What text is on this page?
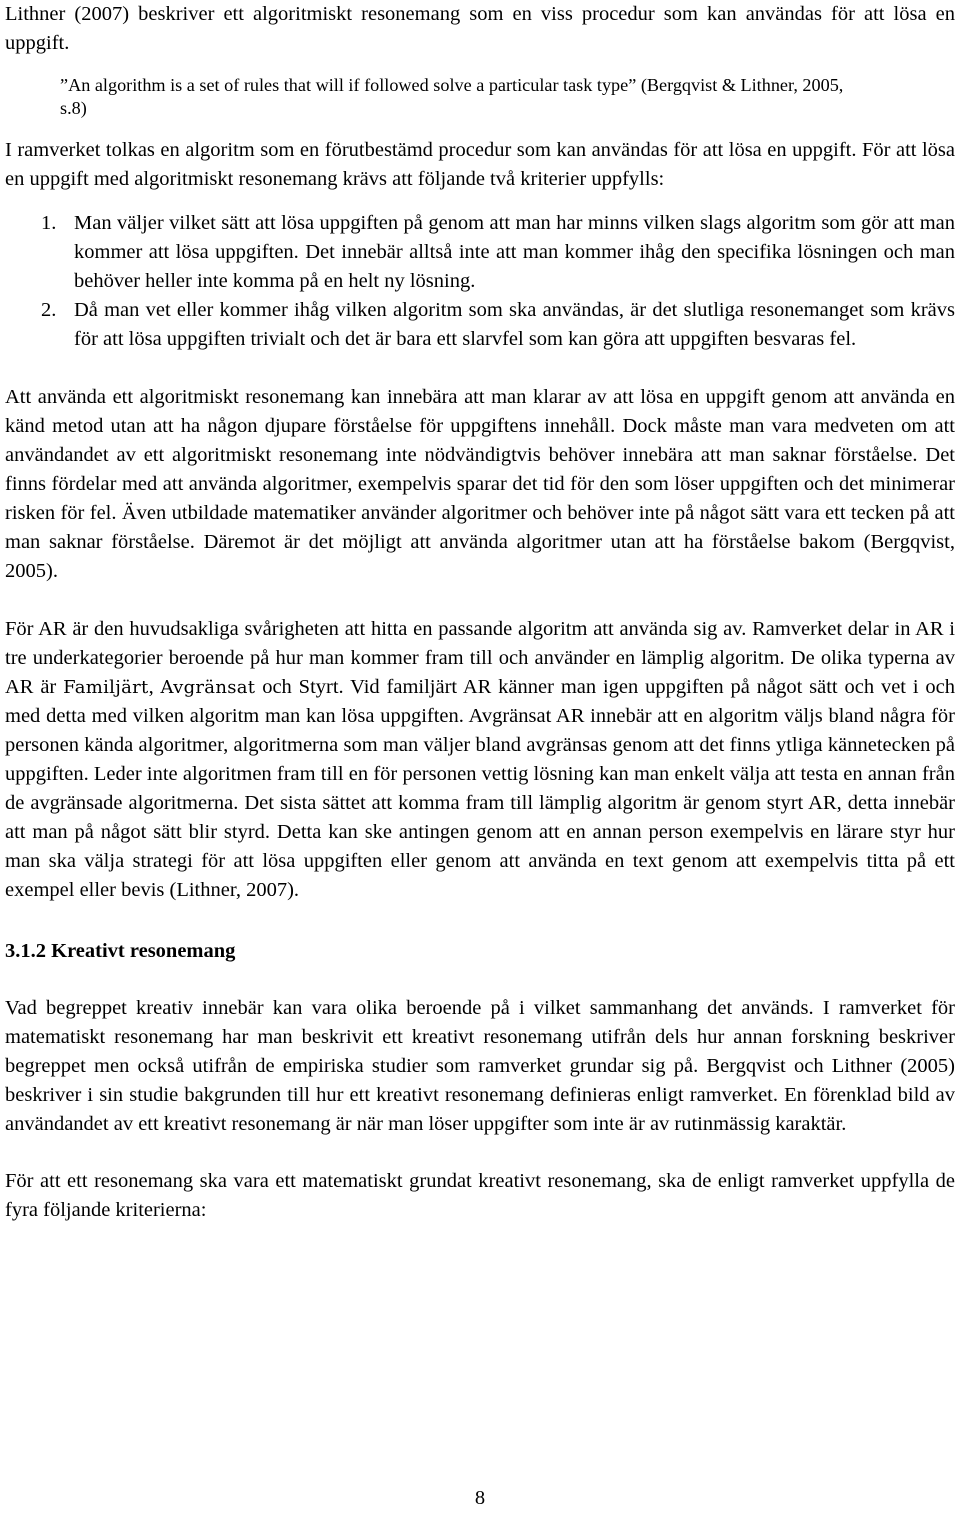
Lithner (2007) beskriver ett algoritmiskt resonemang som en viss procedur som kan användas för att lösa en uppgift.

”An algorithm is a set of rules that will if followed solve a particular task type” (Bergqvist & Lithner, 2005, s.8)

I ramverket tolkas en algoritm som en förutbestämd procedur som kan användas för att lösa en uppgift. För att lösa en uppgift med algoritmiskt resonemang krävs att följande två kriterier uppfylls:

1. Man väljer vilket sätt att lösa uppgiften på genom att man har minns vilken slags algoritm som gör att man kommer att lösa uppgiften. Det innebär alltså inte att man kommer ihåg den specifika lösningen och man behöver heller inte komma på en helt ny lösning.
2. Då man vet eller kommer ihåg vilken algoritm som ska användas, är det slutliga resonemanget som krävs för att lösa uppgiften trivialt och det är bara ett slarvfel som kan göra att uppgiften besvaras fel.

Att använda ett algoritmiskt resonemang kan innebära att man klarar av att lösa en uppgift genom att använda en känd metod utan att ha någon djupare förståelse för uppgiftens innehåll. Dock måste man vara medveten om att användandet av ett algoritmiskt resonemang inte nödvändigtvis behöver innebära att man saknar förståelse. Det finns fördelar med att använda algoritmer, exempelvis sparar det tid för den som löser uppgiften och det minimerar risken för fel. Även utbildade matematiker använder algoritmer och behöver inte på något sätt vara ett tecken på att man saknar förståelse. Däremot är det möjligt att använda algoritmer utan att ha förståelse bakom (Bergqvist, 2005).

För AR är den huvudsakliga svårigheten att hitta en passande algoritm att använda sig av. Ramverket delar in AR i tre underkategorier beroende på hur man kommer fram till och använder en lämplig algoritm. De olika typerna av AR är Familjärt, Avgränsat och Styrt. Vid familjärt AR känner man igen uppgiften på något sätt och vet i och med detta med vilken algoritm man kan lösa uppgiften. Avgränsat AR innebär att en algoritm väljs bland några för personen kända algoritmer, algoritmerna som man väljer bland avgränsas genom att det finns ytliga kännetecken på uppgiften. Leder inte algoritmen fram till en för personen vettig lösning kan man enkelt välja att testa en annan från de avgränsade algoritmerna. Det sista sättet att komma fram till lämplig algoritm är genom styrt AR, detta innebär att man på något sätt blir styrd. Detta kan ske antingen genom att en annan person exempelvis en lärare styr hur man ska välja strategi för att lösa uppgiften eller genom att använda en text genom att exempelvis titta på ett exempel eller bevis (Lithner, 2007).

3.1.2 Kreativt resonemang

Vad begreppet kreativ innebär kan vara olika beroende på i vilket sammanhang det används. I ramverket för matematiskt resonemang har man beskrivit ett kreativt resonemang utifrån dels hur annan forskning beskriver begreppet men också utifrån de empiriska studier som ramverket grundar sig på. Bergqvist och Lithner (2005) beskriver i sin studie bakgrunden till hur ett kreativt resonemang definieras enligt ramverket. En förenklad bild av användandet av ett kreativt resonemang är när man löser uppgifter som inte är av rutinmässig karaktär.

För att ett resonemang ska vara ett matematiskt grundat kreativt resonemang, ska de enligt ramverket uppfylla de fyra följande kriterierna:

8
